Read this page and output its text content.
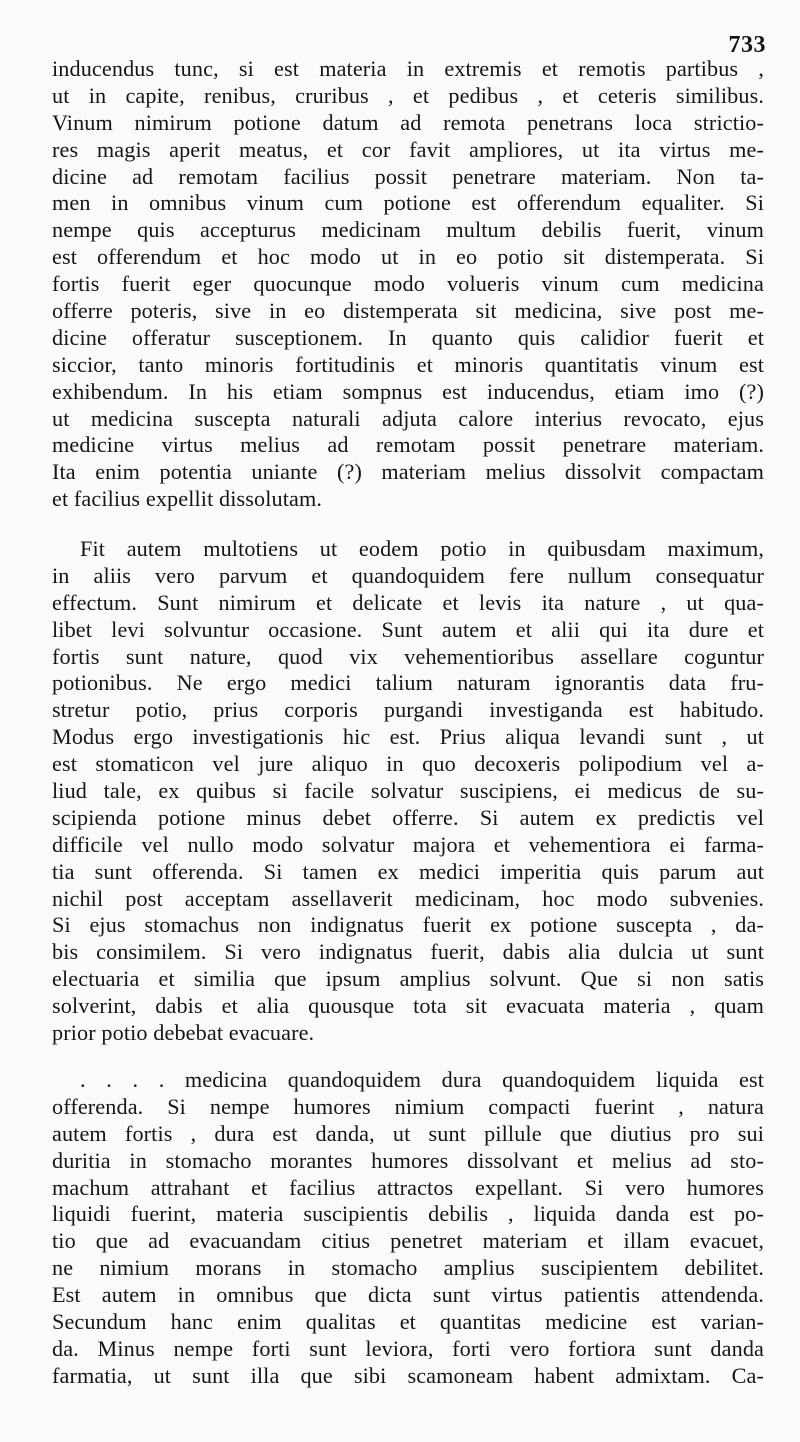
733
inducendus tunc, si est materia in extremis et remotis partibus ,
ut in capite, renibus, cruribus , et pedibus , et ceteris similibus.
Vinum nimirum potione datum ad remota penetrans loca strictio-
res magis aperit meatus, et cor favit ampliores, ut ita virtus me-
dicine ad remotam facilius possit penetrare materiam. Non ta-
men in omnibus vinum cum potione est offerendum equaliter. Si
nempe quis accepturus medicinam multum debilis fuerit, vinum
est offerendum et hoc modo ut in eo potio sit distemperata. Si
fortis fuerit eger quocunque modo volueris vinum cum medicina
offerre poteris, sive in eo distemperata sit medicina, sive post me-
dicine offeratur susceptionem. In quanto quis calidior fuerit et
siccior, tanto minoris fortitudinis et minoris quantitatis vinum est
exhibendum. In his etiam sompnus est inducendus, etiam imo (?)
ut medicina suscepta naturali adjuta calore interius revocato, ejus
medicine virtus melius ad remotam possit penetrare materiam.
Ita enim potentia uniante (?) materiam melius dissolvit compactam
et facilius expellit dissolutam.
Fit autem multotiens ut eodem potio in quibusdam maximum,
in aliis vero parvum et quandoquidem fere nullum consequatur
effectum. Sunt nimirum et delicate et levis ita nature , ut qua-
libet levi solvuntur occasione. Sunt autem et alii qui ita dure et
fortis sunt nature, quod vix vehementioribus assellare coguntur
potionibus. Ne ergo medici talium naturam ignorantis data fru-
stretur potio, prius corporis purgandi investiganda est habitudo.
Modus ergo investigationis hic est. Prius aliqua levandi sunt , ut
est stomaticon vel jure aliquo in quo decoxeris polipodium vel a-
liud tale, ex quibus si facile solvatur suscipiens, ei medicus de su-
scipienda potione minus debet offerre. Si autem ex predictis vel
difficile vel nullo modo solvatur majora et vehementiora ei farma-
tia sunt offerenda. Si tamen ex medici imperitia quis parum aut
nichil post acceptam assellaverit medicinam, hoc modo subvenies.
Si ejus stomachus non indignatus fuerit ex potione suscepta , da-
bis consimilem. Si vero indignatus fuerit, dabis alia dulcia ut sunt
electuaria et similia que ipsum amplius solvunt. Que si non satis
solverint, dabis et alia quousque tota sit evacuata materia , quam
prior potio debebat evacuare.
. . . . medicina quandoquidem dura quandoquidem liquida est
offerenda. Si nempe humores nimium compacti fuerint , natura
autem fortis , dura est danda, ut sunt pillule que diutius pro sui
duritia in stomacho morantes humores dissolvant et melius ad sto-
machum attrahant et facilius attractos expellant. Si vero humores
liquidi fuerint, materia suscipientis debilis , liquida danda est po-
tio que ad evacuandam citius penetret materiam et illam evacuet,
ne nimium morans in stomacho amplius suscipientem debilitet.
Est autem in omnibus que dicta sunt virtus patientis attendenda.
Secundum hanc enim qualitas et quantitas medicine est varian-
da. Minus nempe forti sunt leviora, forti vero fortiora sunt danda
farmatia, ut sunt illa que sibi scamoneam habent admixtam. Ca-
